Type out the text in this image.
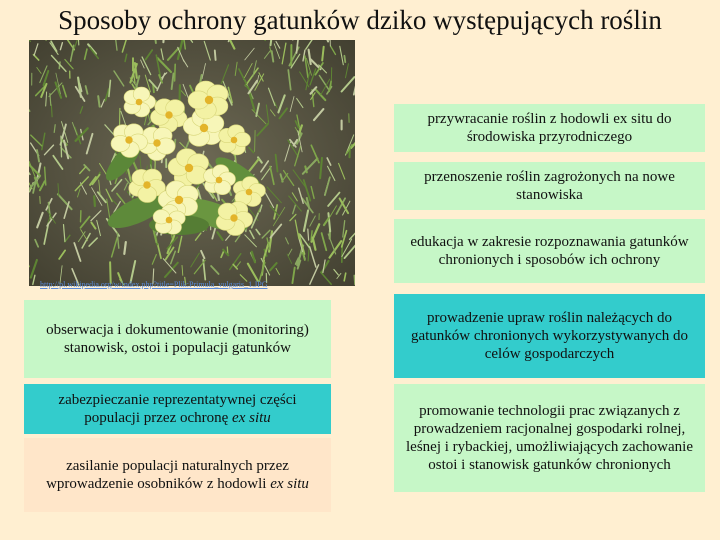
Sposoby ochrony gatunków dziko występujących roślin
http://pl.wikipedia.org/w/index.php?title=Plik:Primula_vulgaris_1.JPG
przywracanie roślin z hodowli ex situ do środowiska przyrodniczego
przenoszenie roślin zagrożonych na nowe stanowiska
edukacja w zakresie rozpoznawania gatunków chronionych i sposobów ich ochrony
obserwacja i dokumentowanie (monitoring) stanowisk, ostoi i populacji gatunków
prowadzenie upraw roślin należących do gatunków chronionych wykorzystywanych do celów gospodarczych
zabezpieczanie reprezentatywnej części populacji przez ochronę ex situ	promowanie technologii prac związanych z prowadzeniem racjonalnej gospodarki rolnej, leśnej i rybackiej, umożliwiających zachowanie ostoi i stanowisk gatunków chronionych
zasilanie populacji naturalnych przez wprowadzenie osobników z hodowli ex situ
